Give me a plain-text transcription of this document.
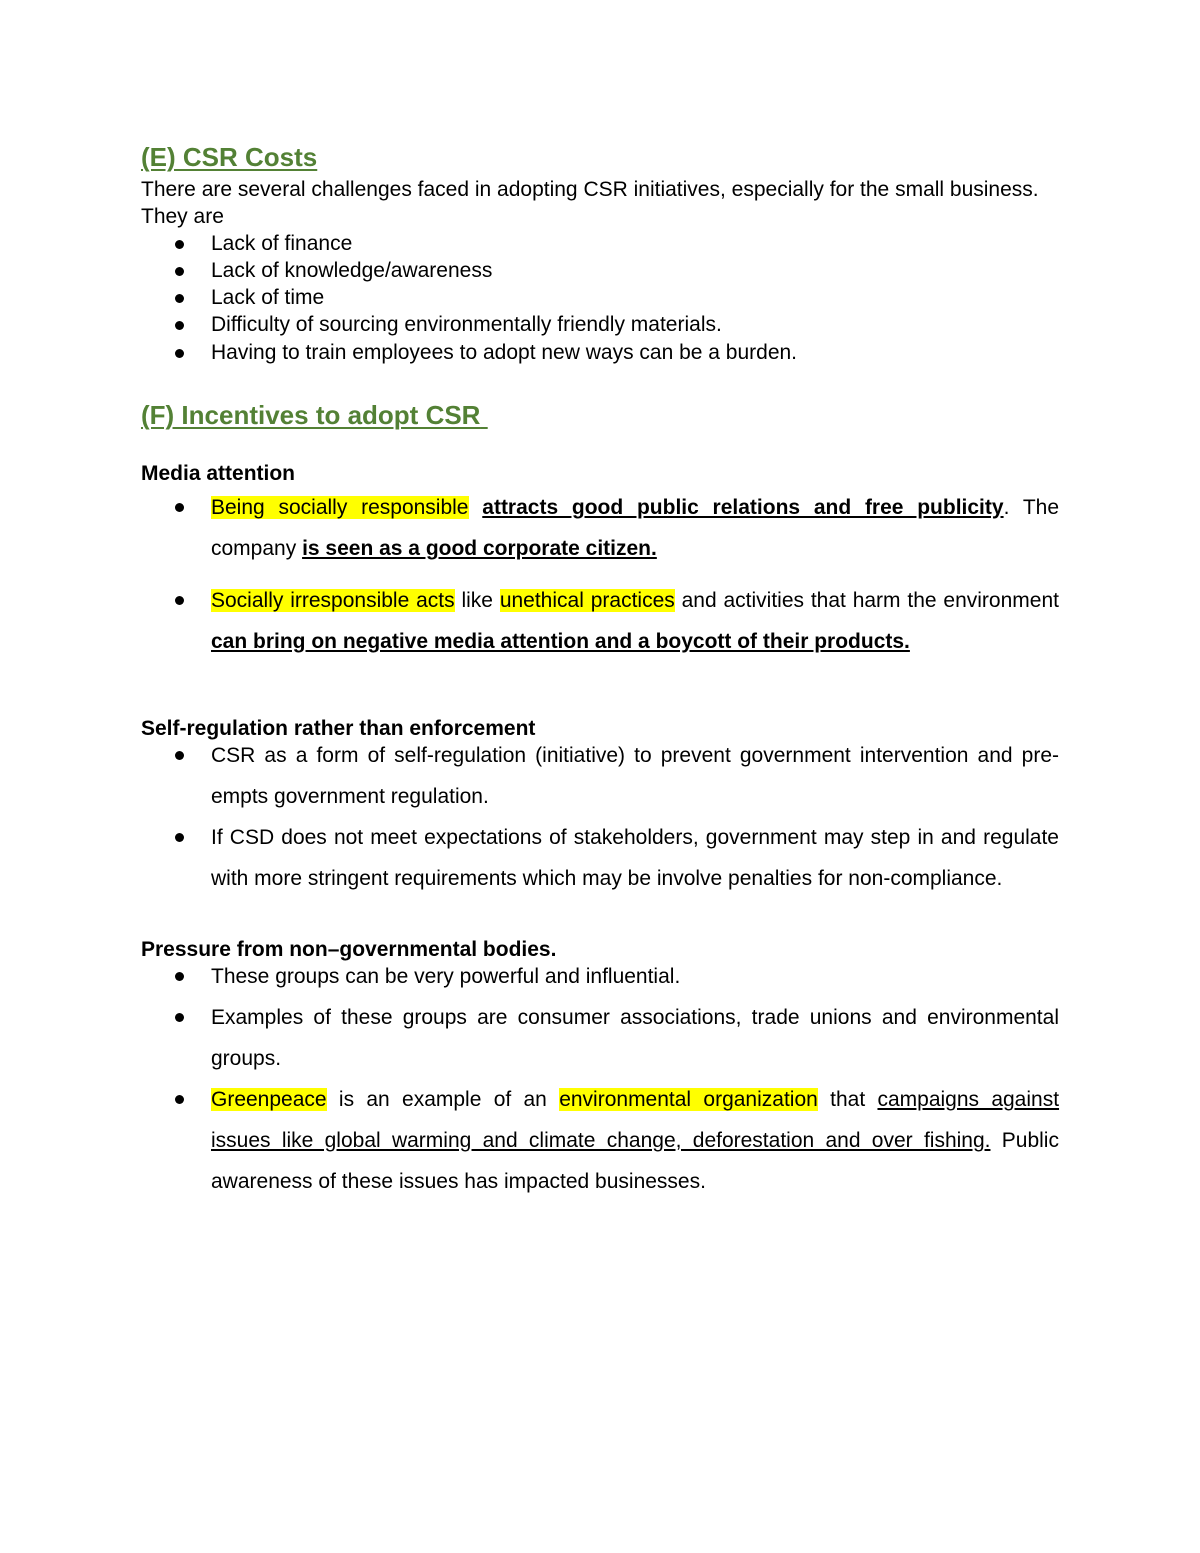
(E) CSR Costs

There are several challenges faced in adopting CSR initiatives, especially for the small business.

They are

Lack of finance
Lack of knowledge/awareness
Lack of time
Difficulty of sourcing environmentally friendly materials.
Having to train employees to adopt new ways can be a burden.
(F) Incentives to adopt CSR

Media attention

Being socially responsible attracts good public relations and free publicity. The company is seen as a good corporate citizen.
Socially irresponsible acts like unethical practices and activities that harm the environment can bring on negative media attention and a boycott of their products.

Self-regulation rather than enforcement

CSR as a form of self-regulation (initiative) to prevent government intervention and pre-empts government regulation.
If CSD does not meet expectations of stakeholders, government may step in and regulate with more stringent requirements which may be involve penalties for non-compliance.

Pressure from non–governmental bodies.

These groups can be very powerful and influential.
Examples of these groups are consumer associations, trade unions and environmental groups.
Greenpeace is an example of an environmental organization that campaigns against issues like global warming and climate change, deforestation and over fishing. Public awareness of these issues has impacted businesses.
